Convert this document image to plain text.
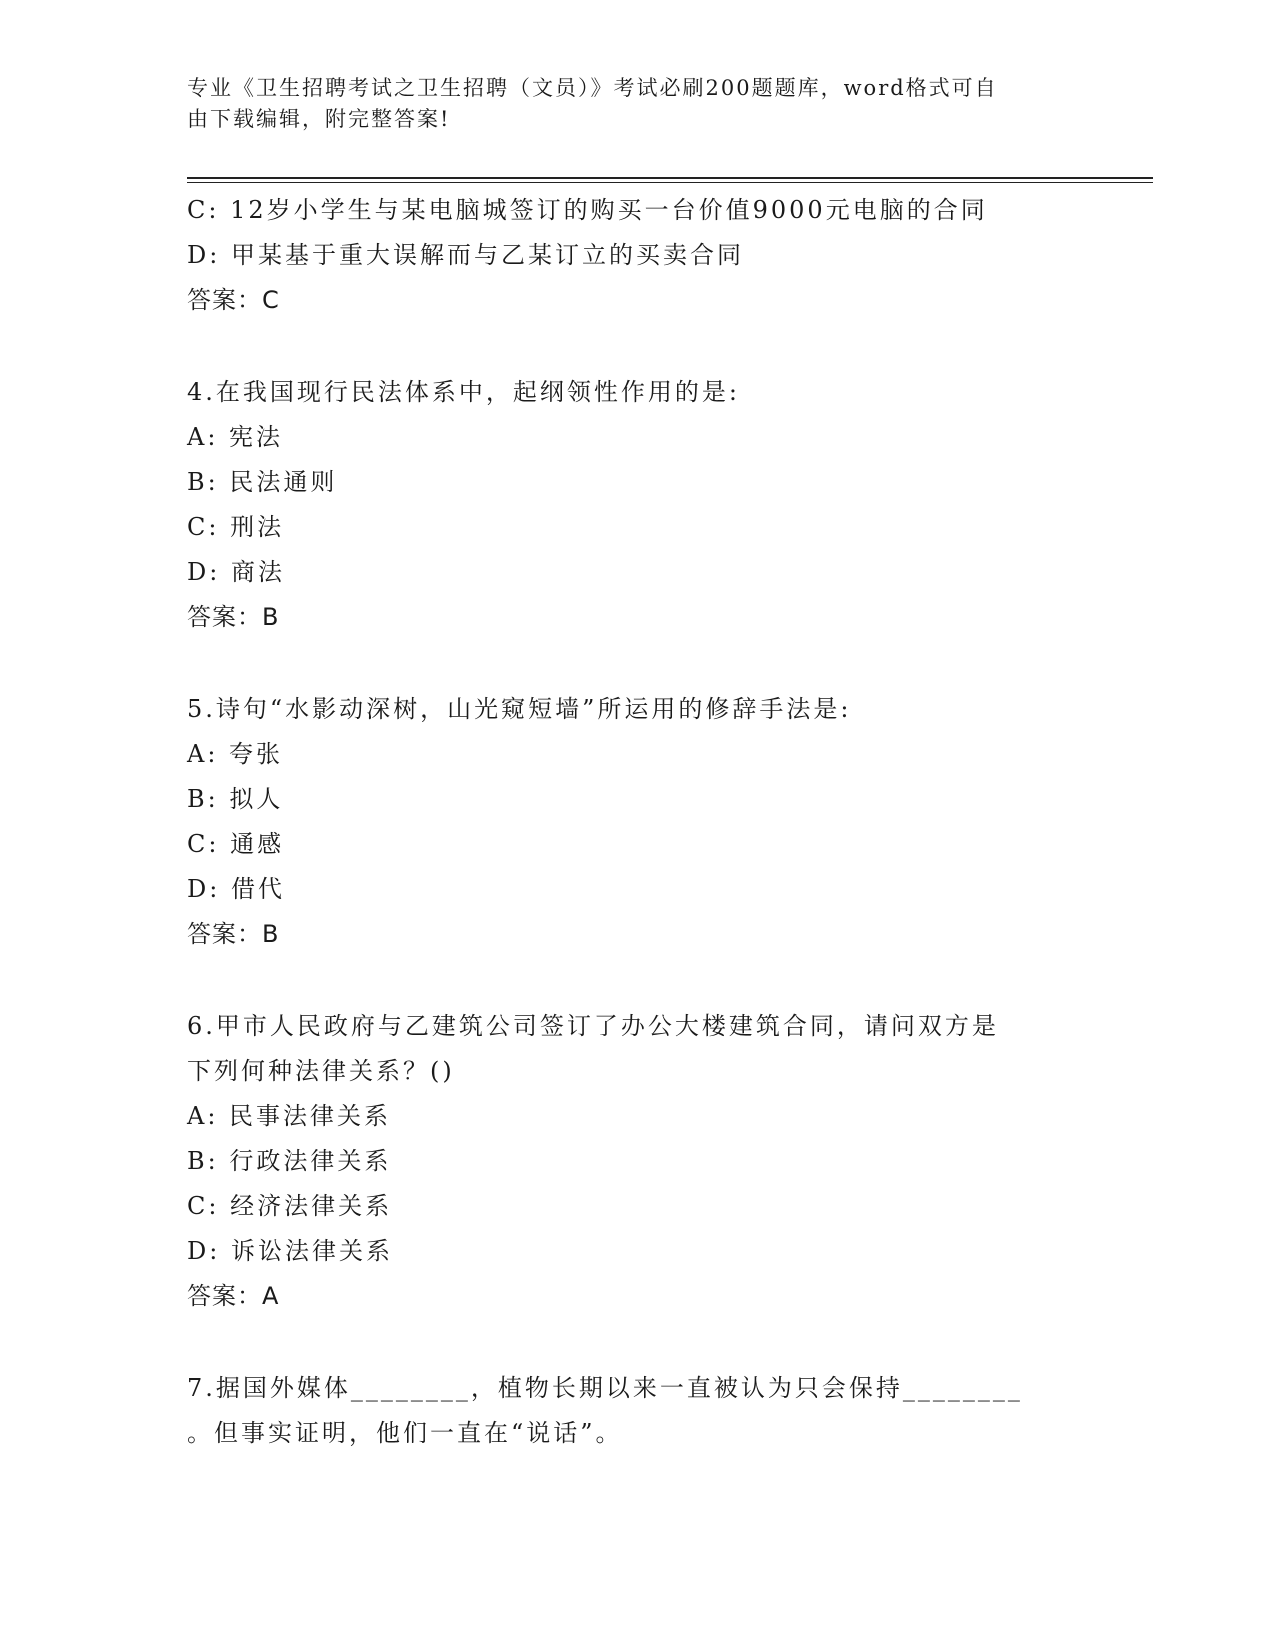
专业《卫生招聘考试之卫生招聘（文员）》考试必刷200题题库，word格式可自
由下载编辑，附完整答案!
C: 12岁小学生与某电脑城签订的购买一台价值9000元电脑的合同
D: 甲某基于重大误解而与乙某订立的买卖合同
答案：C
4.在我国现行民法体系中，起纲领性作用的是:
A: 宪法
B: 民法通则
C: 刑法
D: 商法
答案：B
5.诗句“水影动深树，山光窥短墙”所运用的修辞手法是:
A: 夸张
B: 拟人
C: 通感
D: 借代
答案：B
6.甲市人民政府与乙建筑公司签订了办公大楼建筑合同，请问双方是
下列何种法律关系？()
A: 民事法律关系
B: 行政法律关系
C: 经济法律关系
D: 诉讼法律关系
答案：A
7.据国外媒体________，植物长期以来一直被认为只会保持________
。但事实证明，他们一直在“说话”。
